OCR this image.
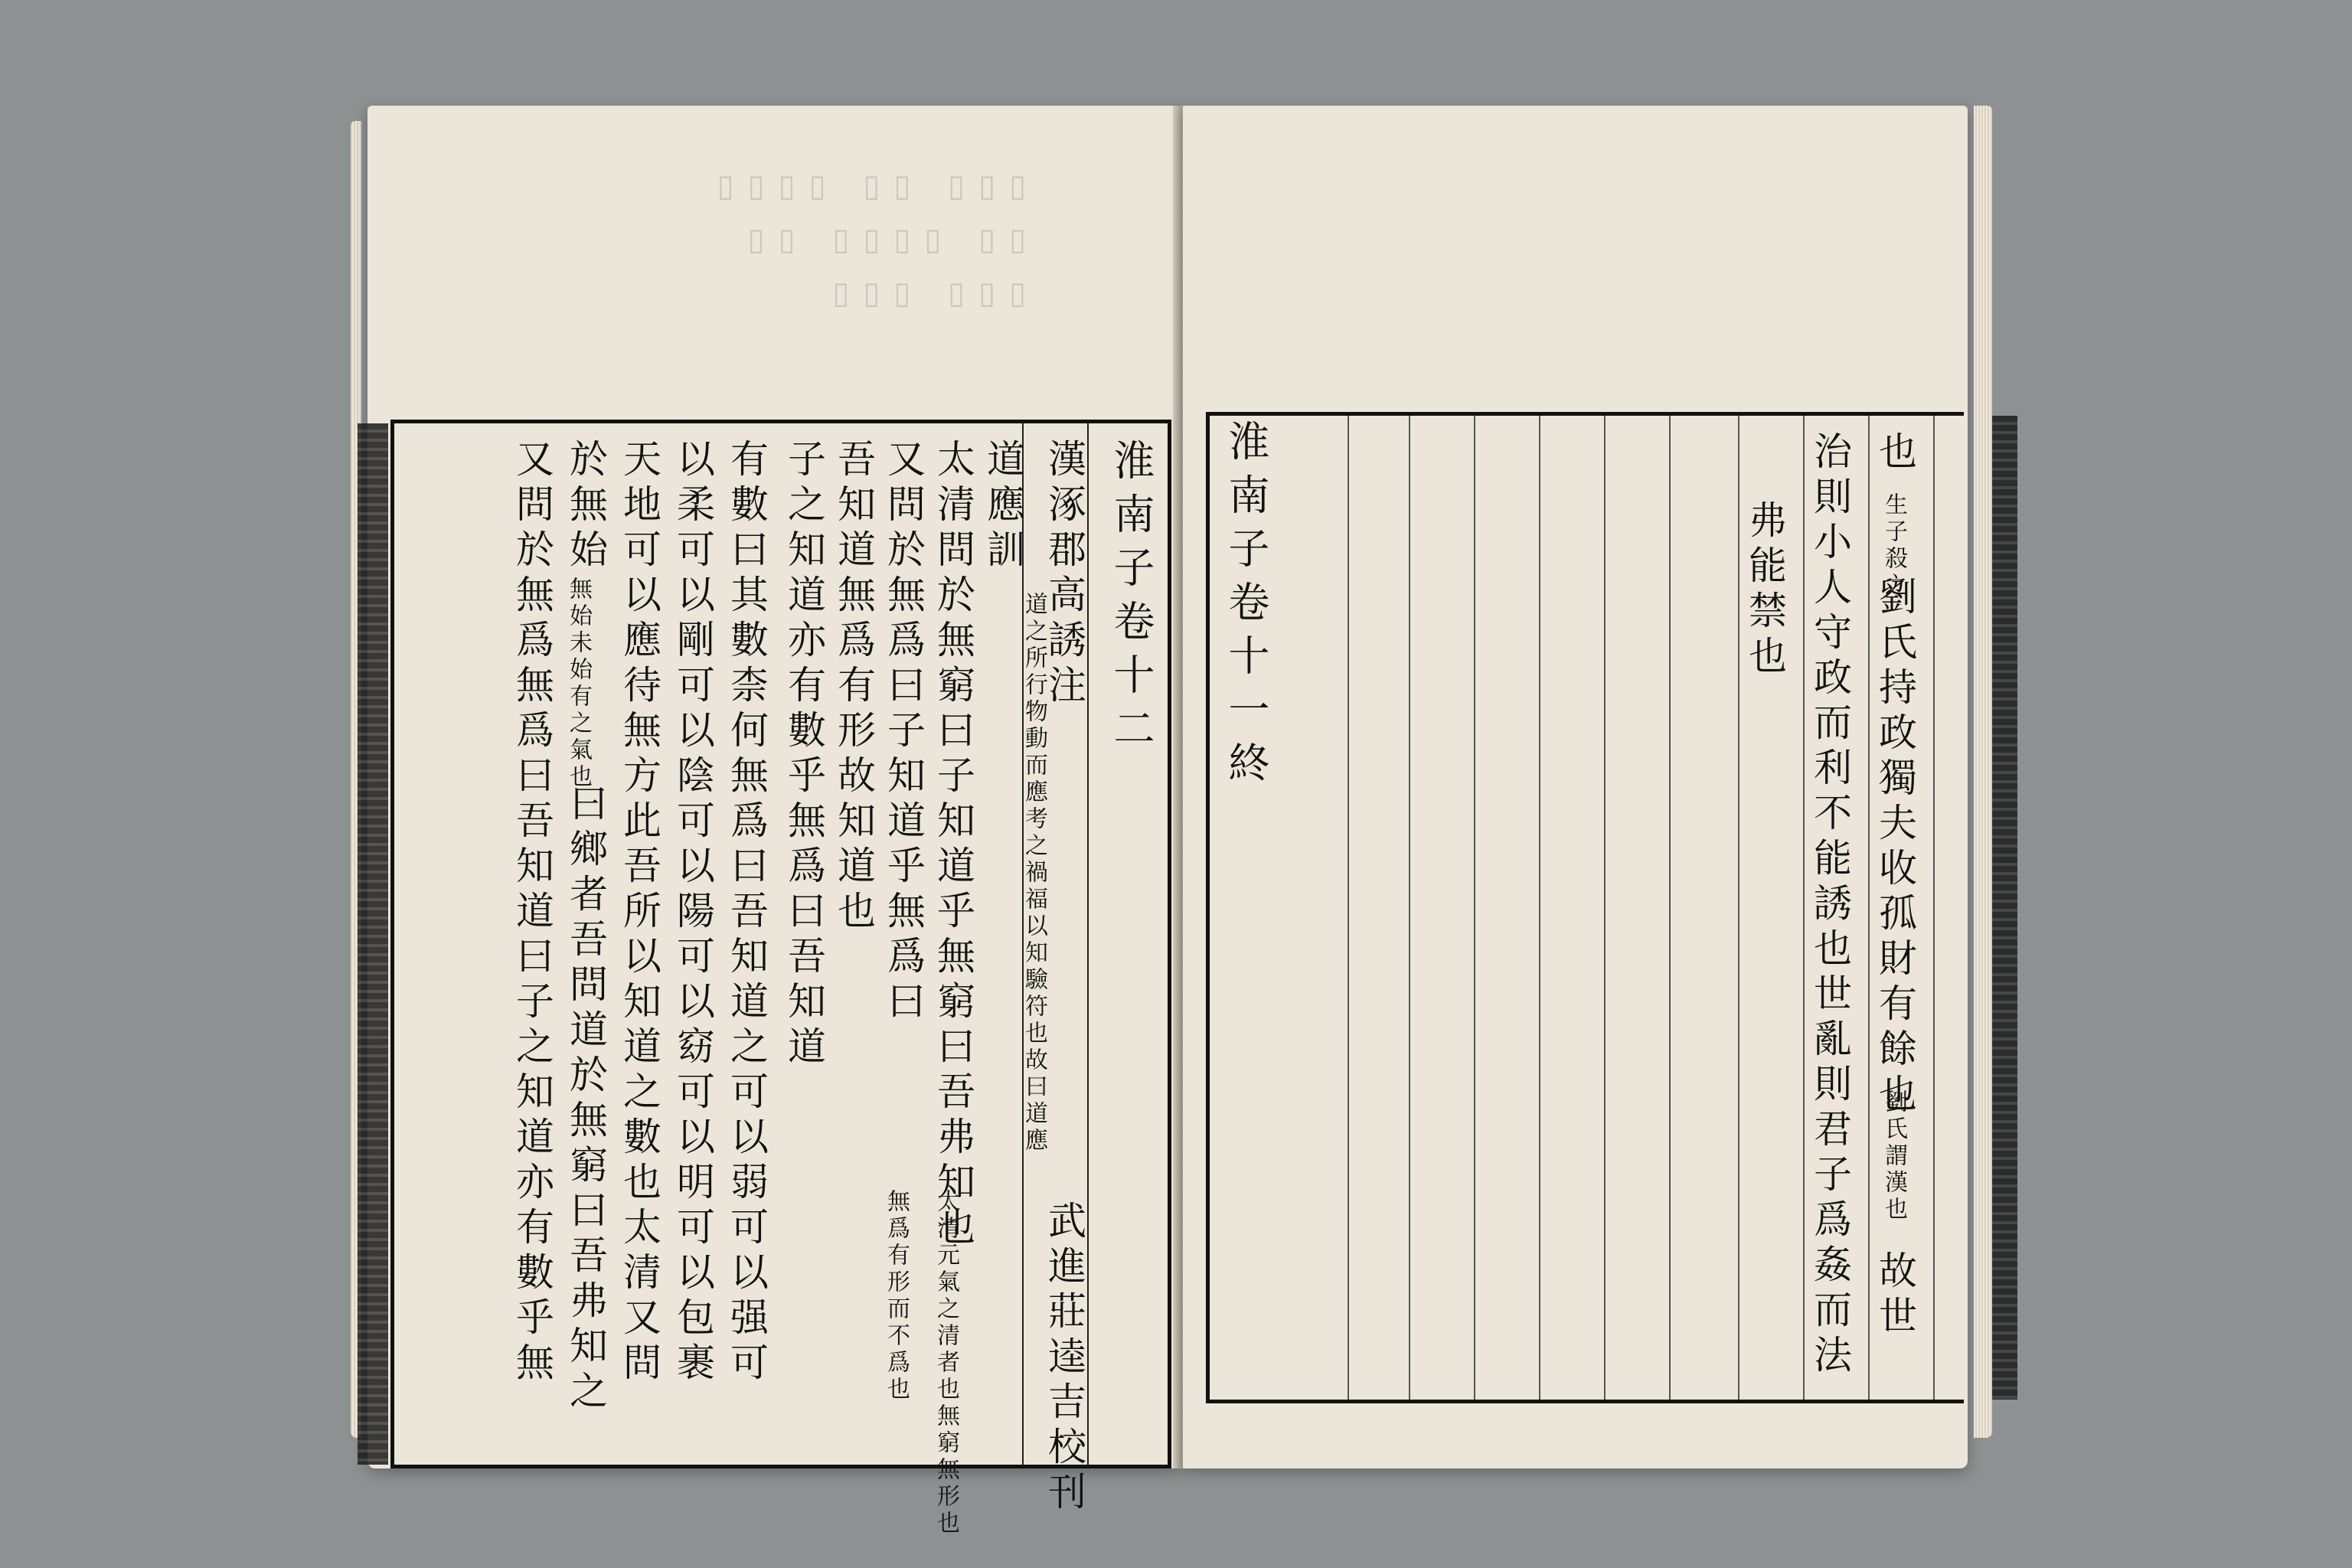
▯▯▯ ▯▯ ▯▯▯▯
▯▯ ▯▯▯▯ ▯▯
▯▯▯ ▯▯▯
淮南子卷十二
漢涿郡高誘注
武進莊逵吉校刊
道應訓
道之所行物動而應考之禍福以知驗符也故曰道應
太清問於無窮曰子知道乎無窮曰吾弗知也
太清元氣之清者也無窮無形也
又問於無爲曰子知道乎無爲曰
無爲有形而不爲也
吾知道無爲有形故知道也
子之知道亦有數乎無爲曰吾知道
有數曰其數柰何無爲曰吾知道之可以弱可以强可
以柔可以剛可以陰可以陽可以窈可以明可以包裹
天地可以應待無方此吾所以知道之數也太清又問
於無始
無始未始有之氣也
曰鄉者吾問道於無窮曰吾弗知之
又問於無爲無爲曰吾知道曰子之知道亦有數乎無	淮南子卷十一終	弗能禁也 治則小人守政而利不能誘也世亂則君子爲姦而法 也
生子殺之
劉氏持政獨夫收孤財有餘也
劉氏謂漢也
故世
